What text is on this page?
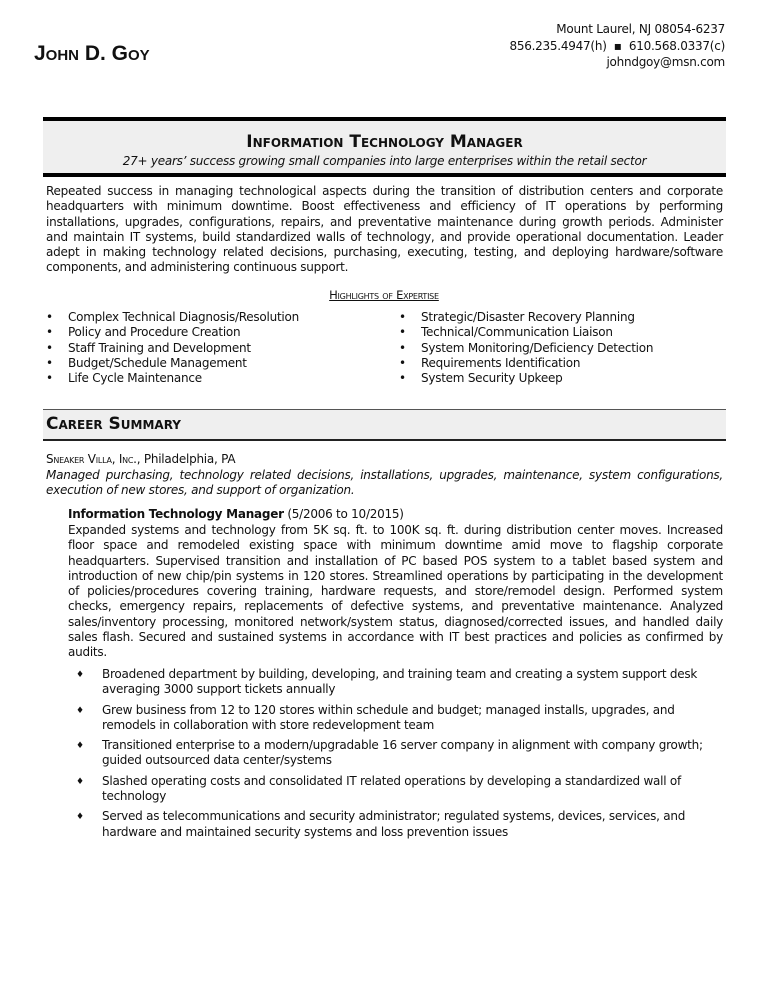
John D. Goy
Mount Laurel, NJ 08054-6237
856.235.4947(h) ▪ 610.568.0337(c)
johndgoy@msn.com
Information Technology Manager
27+ years’ success growing small companies into large enterprises within the retail sector
Repeated success in managing technological aspects during the transition of distribution centers and corporate headquarters with minimum downtime. Boost effectiveness and efficiency of IT operations by performing installations, upgrades, configurations, repairs, and preventative maintenance during growth periods. Administer and maintain IT systems, build standardized walls of technology, and provide operational documentation. Leader adept in making technology related decisions, purchasing, executing, testing, and deploying hardware/software components, and administering continuous support.
Highlights of Expertise
• Complex Technical Diagnosis/Resolution
• Policy and Procedure Creation
• Staff Training and Development
• Budget/Schedule Management
• Life Cycle Maintenance
• Strategic/Disaster Recovery Planning
• Technical/Communication Liaison
• System Monitoring/Deficiency Detection
• Requirements Identification
• System Security Upkeep
Career Summary
Sneaker Villa, Inc., Philadelphia, PA
Managed purchasing, technology related decisions, installations, upgrades, maintenance, system configurations, execution of new stores, and support of organization.
Information Technology Manager (5/2006 to 10/2015)
Expanded systems and technology from 5K sq. ft. to 100K sq. ft. during distribution center moves. Increased floor space and remodeled existing space with minimum downtime amid move to flagship corporate headquarters. Supervised transition and installation of PC based POS system to a tablet based system and introduction of new chip/pin systems in 120 stores. Streamlined operations by participating in the development of policies/procedures covering training, hardware requests, and store/remodel design. Performed system checks, emergency repairs, replacements of defective systems, and preventative maintenance. Analyzed sales/inventory processing, monitored network/system status, diagnosed/corrected issues, and handled daily sales flash. Secured and sustained systems in accordance with IT best practices and policies as confirmed by audits.
♦ Broadened department by building, developing, and training team and creating a system support desk averaging 3000 support tickets annually
♦ Grew business from 12 to 120 stores within schedule and budget; managed installs, upgrades, and remodels in collaboration with store redevelopment team
♦ Transitioned enterprise to a modern/upgradable 16 server company in alignment with company growth; guided outsourced data center/systems
♦ Slashed operating costs and consolidated IT related operations by developing a standardized wall of technology
♦ Served as telecommunications and security administrator; regulated systems, devices, services, and hardware and maintained security systems and loss prevention issues
